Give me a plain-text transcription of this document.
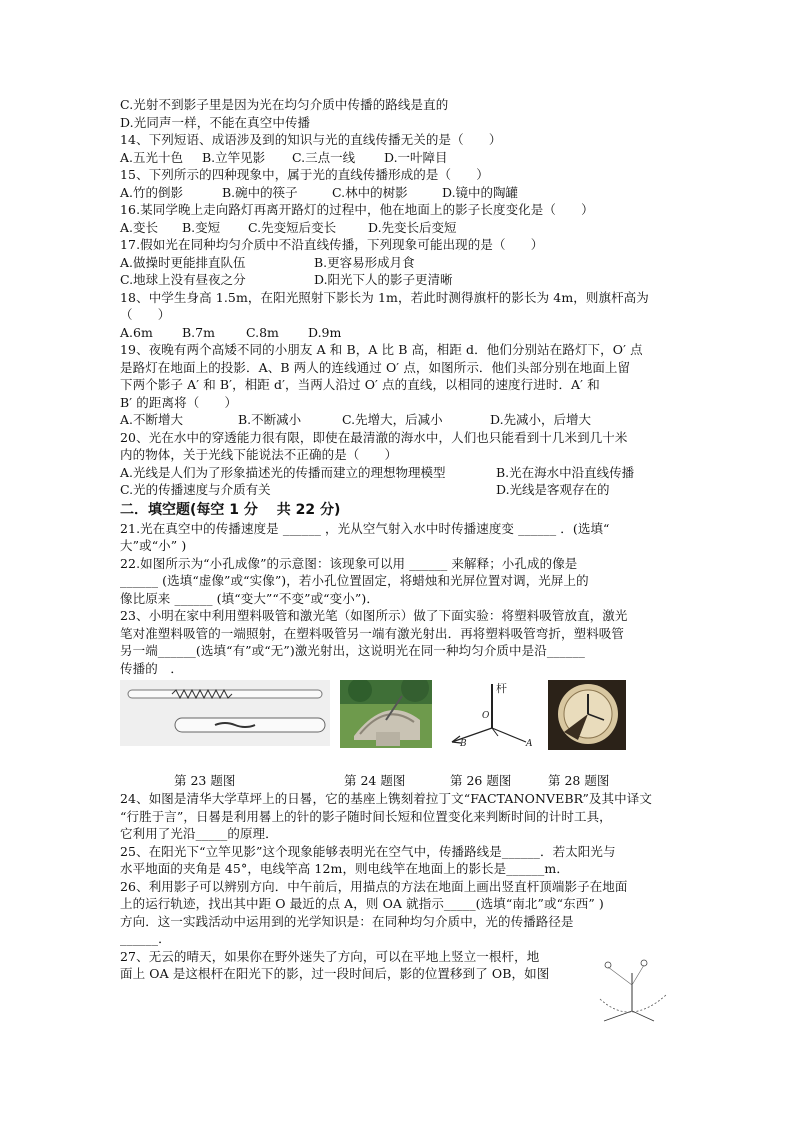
C.光射不到影子里是因为光在均匀介质中传播的路线是直的
D.光同声一样，不能在真空中传播
14、下列短语、成语涉及到的知识与光的直线传播无关的是（　　）
A.五光十色	B.立竿见影	C.三点一线	D.一叶障目
15、下列所示的四种现象中，属于光的直线传播形成的是（　　）
A.竹的倒影	B.碗中的筷子	C.林中的树影	D.镜中的陶罐
16.某同学晚上走向路灯再离开路灯的过程中，他在地面上的影子长度变化是（　　）
A.变长	B.变短	C.先变短后变长	D.先变长后变短
17.假如光在同种均匀介质中不沿直线传播，下列现象可能出现的是（　　）
A.做操时更能排直队伍	B.更容易形成月食
C.地球上没有昼夜之分	D.阳光下人的影子更清晰
18、中学生身高 1.5m，在阳光照射下影长为 1m，若此时测得旗杆的影长为 4m，则旗杆高为
（　　）
A.6m	B.7m	C.8m	D.9m
19、夜晚有两个高矮不同的小朋友 A 和 B，A 比 B 高，相距 d．他们分别站在路灯下，O′ 点
是路灯在地面上的投影．A、B 两人的连线通过 O′ 点，如图所示．他们头部分别在地面上留
下两个影子 A′ 和 B′，相距 d′，当两人沿过 O′ 点的直线，以相同的速度行进时．A′ 和
B′ 的距离将（　　）
A.不断增大	B.不断减小	C.先增大，后减小	D.先减小，后增大
20、光在水中的穿透能力很有限，即使在最清澈的海水中，人们也只能看到十几米到几十米
内的物体，关于光线下能说法不正确的是（　　）
A.光线是人们为了形象描述光的传播而建立的理想物理模型	B.光在海水中沿直线传播
C.光的传播速度与介质有关	D.光线是客观存在的
二．填空题(每空 1 分　 共 22 分)
21.光在真空中的传播速度是 ______ ，光从空气射入水中时传播速度变 ______ ．(选填“
大”或“小” )
22.如图所示为“小孔成像”的示意图：该现象可以用 ______ 来解释；小孔成的像是
______ (选填“虚像”或“实像”)，若小孔位置固定，将蜡烛和光屏位置对调，光屏上的
像比原来 ______ (填“变大”“不变”或“变小”)．
23、小明在家中利用塑料吸管和激光笔（如图所示）做了下面实验：将塑料吸管放直，激光
笔对准塑料吸管的一端照射，在塑料吸管另一端有激光射出．再将塑料吸管弯折，塑料吸管
另一端______(选填“有”或“无”)激光射出，这说明光在同一种均匀介质中是沿______
传播的　．
杆
O
B	A
第 23 题图	第 24 题图	第 26 题图	第 28 题图
24、如图是清华大学草坪上的日晷，它的基座上镌刻着拉丁文“FACTANONVEBR”及其中译文
“行胜于言”，日晷是利用晷上的针的影子随时间长短和位置变化来判断时间的计时工具，
它利用了光沿_____的原理．
25、在阳光下“立竿见影”这个现象能够表明光在空气中，传播路线是______．若太阳光与
水平地面的夹角是 45°，电线竿高 12m，则电线竿在地面上的影长是______m．
26、利用影子可以辨别方向．中午前后，用描点的方法在地面上画出竖直杆顶端影子在地面
上的运行轨迹，找出其中距 O 最近的点 A，则 OA 就指示_____(选填“南北”或“东西” )
方向．这一实践活动中运用到的光学知识是：在同种均匀介质中，光的传播路径是
______．
27、无云的晴天，如果你在野外迷失了方向，可以在平地上竖立一根杆，地
面上 OA 是这根杆在阳光下的影，过一段时间后，影的位置移到了 OB，如图
